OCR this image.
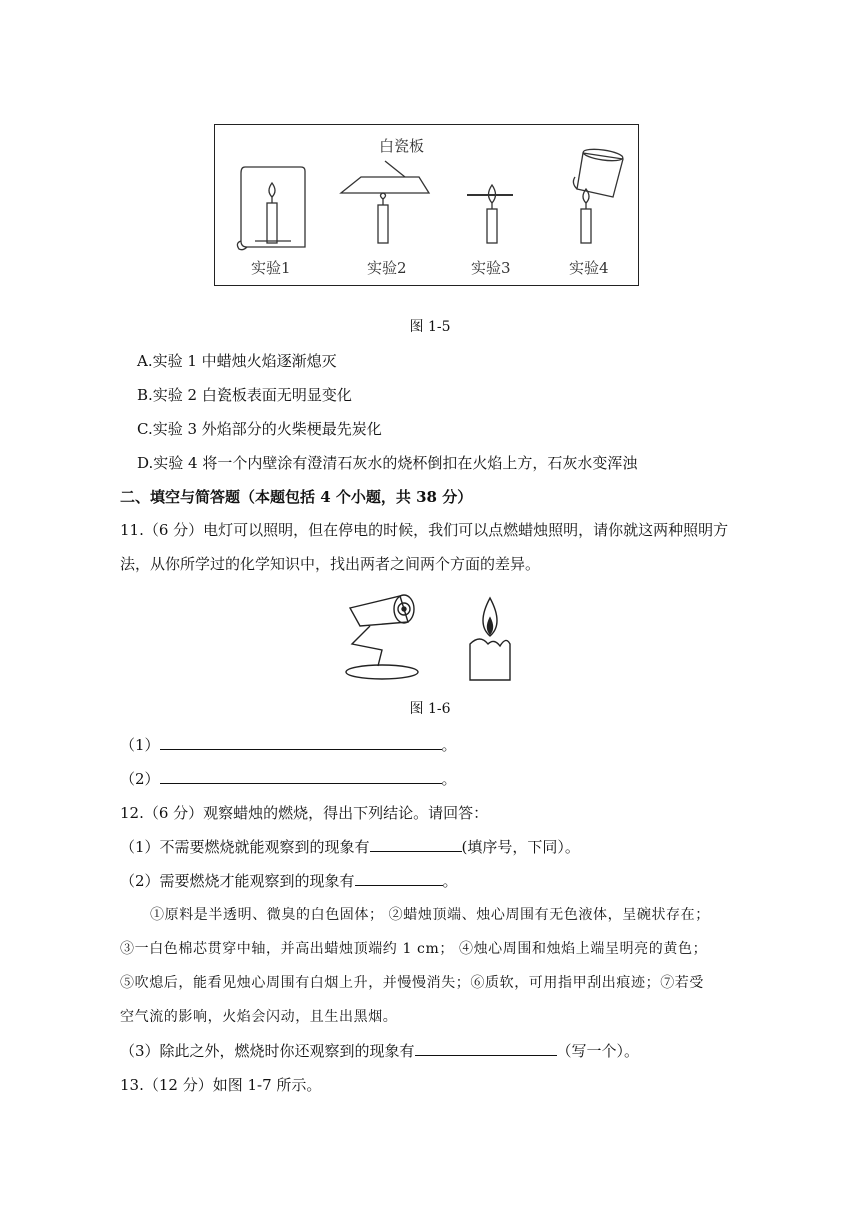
白瓷板
实验1	实验2	实验3	实验4
图 1-5
A.实验 1 中蜡烛火焰逐渐熄灭
B.实验 2 白瓷板表面无明显变化
C.实验 3 外焰部分的火柴梗最先炭化
D.实验 4 将一个内壁涂有澄清石灰水的烧杯倒扣在火焰上方，石灰水变浑浊
二、填空与简答题（本题包括 4 个小题，共 38 分）
11.（6 分）电灯可以照明，但在停电的时候，我们可以点燃蜡烛照明，请你就这两种照明方
法，从你所学过的化学知识中，找出两者之间两个方面的差异。
图 1-6
（1）	。
（2）	。
12.（6 分）观察蜡烛的燃烧，得出下列结论。请回答：
（1）不需要燃烧就能观察到的现象有	(填序号，下同）。
（2）需要燃烧才能观察到的现象有	。
①原料是半透明、微臭的白色固体； ②蜡烛顶端、烛心周围有无色液体，呈碗状存在；
③一白色棉芯贯穿中轴，并高出蜡烛顶端约 1 cm； ④烛心周围和烛焰上端呈明亮的黄色；
⑤吹熄后，能看见烛心周围有白烟上升，并慢慢消失；⑥质软，可用指甲刮出痕迹；⑦若受
空气流的影响，火焰会闪动，且生出黑烟。
（3）除此之外，燃烧时你还观察到的现象有	（写一个）。
13.（12 分）如图 1-7 所示。
